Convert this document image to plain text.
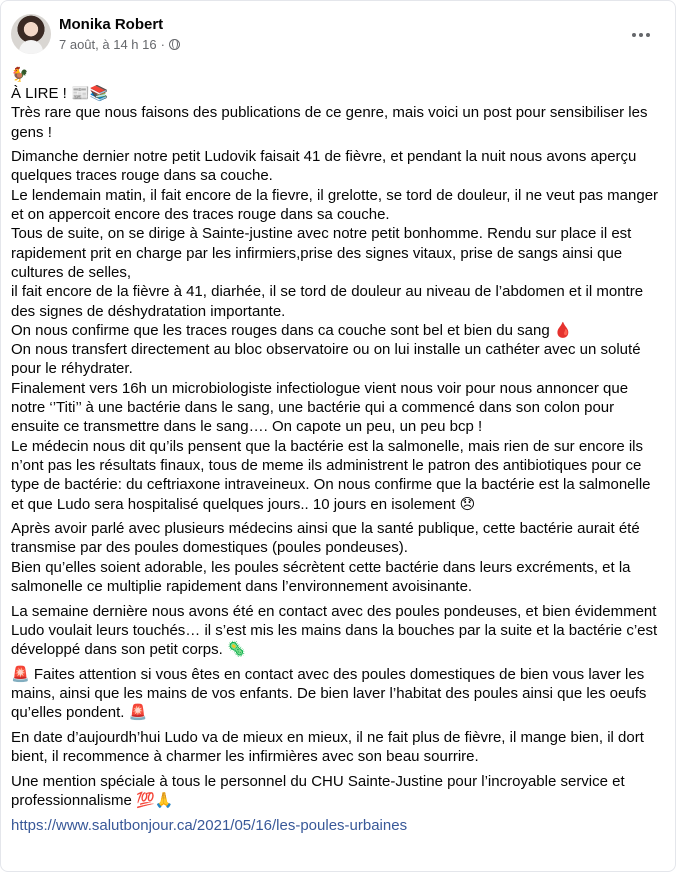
Monika Robert
7 août, à 14 h 16 ·
🐓

À LIRE ! 📰📚

Très rare que nous faisons des publications de ce genre, mais voici un post pour sensibiliser les gens !

Dimanche dernier notre petit Ludovik faisait 41 de fièvre, et pendant la nuit nous avons aperçu quelques traces rouge dans sa couche.

Le lendemain matin, il fait encore de la fievre, il grelotte, se tord de douleur, il ne veut pas manger et on appercoit encore des traces rouge dans sa couche.

Tous de suite, on se dirige à Sainte-justine avec notre petit bonhomme. Rendu sur place il est rapidement prit en charge par les infirmiers,prise des signes vitaux, prise de sangs ainsi que cultures de selles,

il fait encore de la fièvre à 41, diarhée, il se tord de douleur au niveau de l’abdomen et il montre des signes de déshydratation importante.

On nous confirme que les traces rouges dans ca couche sont bel et bien du sang 🩸

On nous transfert directement au bloc observatoire ou on lui installe un cathéter avec un soluté pour le réhydrater.

Finalement vers 16h un microbiologiste infectiologue vient nous voir pour nous annoncer que notre ‘’Titi’’ à une bactérie dans le sang, une bactérie qui a commencé dans son colon pour ensuite ce transmettre dans le sang…. On capote un peu, un peu bcp !

Le médecin nous dit qu’ils pensent que la bactérie est la salmonelle, mais rien de sur encore ils n’ont pas les résultats finaux, tous de meme ils administrent le patron des antibiotiques pour ce type de bactérie: du ceftriaxone intraveineux. On nous confirme que la bactérie est la salmonelle et que Ludo sera hospitalisé quelques jours.. 10 jours en isolement 😞

Après avoir parlé avec plusieurs médecins ainsi que la santé publique, cette bactérie aurait été transmise par des poules domestiques (poules pondeuses).

Bien qu’elles soient adorable, les poules sécrètent cette bactérie dans leurs excréments, et la salmonelle ce multiplie rapidement dans l’environnement avoisinante.

La semaine dernière nous avons été en contact avec des poules pondeuses, et bien évidemment Ludo voulait leurs touchés… il s’est mis les mains dans la bouches par la suite et la bactérie c’est développé dans son petit corps. 🦠

🚨 Faites attention si vous êtes en contact avec des poules domestiques de bien vous laver les mains, ainsi que les mains de vos enfants. De bien laver l’habitat des poules ainsi que les oeufs qu’elles pondent. 🚨

En date d’aujourdh’hui Ludo va de mieux en mieux, il ne fait plus de fièvre, il mange bien, il dort bient, il recommence à charmer les infirmières avec son beau sourrire.

Une mention spéciale à tous le personnel du CHU Sainte-Justine pour l’incroyable service et professionnalisme 💯🙏

https://www.salutbonjour.ca/2021/05/16/les-poules-urbaines
